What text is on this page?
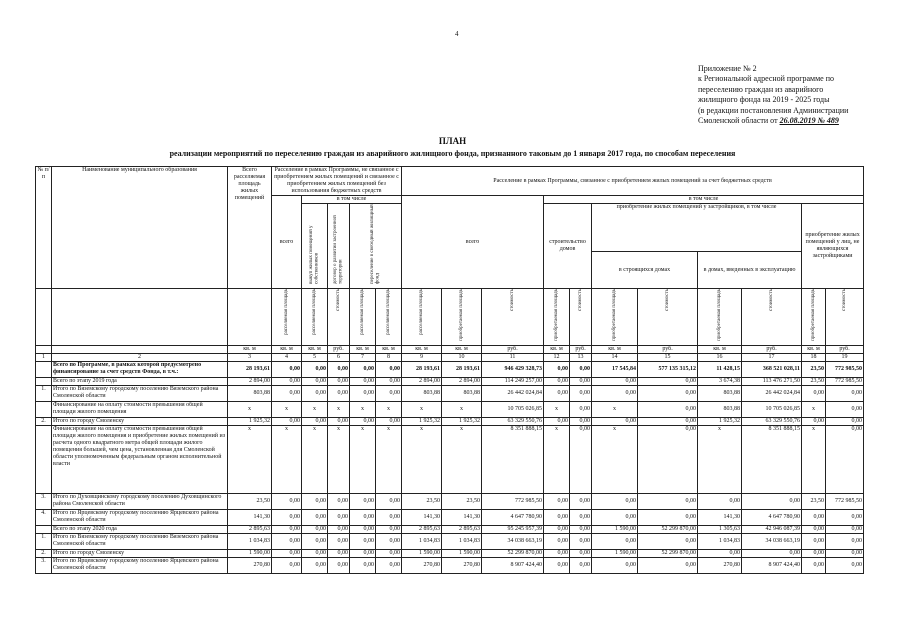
4
Приложение № 2
к Региональной адресной программе по
переселению граждан из аварийного
жилищного фонда на 2019 - 2025 годы
(в редакции постановления Администрации
Смоленской области от 26.08.2019 № 489
ПЛАН
реализации мероприятий по переселению граждан из аварийного жилищного фонда, признанного таковым до 1 января 2017 года, по способам переселения
№ п/п	Наименование муниципального образования	Всего расселяемая площадь жилых помещений	Расселение в рамках Программы, не связанное с приобретением жилых помещений и связанное с приобретением жилых помещений без использования бюджетных средств					Расселение в рамках Программы, связанное с приобретением жилых помещений за счет бюджетных средств										
			всего	в том числе				всего			в том числе							

				выкуп жилых помещений у собственников	договор о развитии застроенной территории	переселение в свободный жилищный фонд					строительство домов		приобретение жилых помещений у застройщиков, в том числе				приобретение жилых помещений у лиц, не являющихся застройщиками	
													в строящихся домах		в домах, введенных в эксплуатацию			

			расселяемая площадь	расселяемая площадь	стоимость	расселяемая площадь	расселяемая площадь	расселяемая площадь	приобретаемая площадь	стоимость	приобретаемая площадь	стоимость	приобретаемая площадь	стоимость	приобретаемая площадь	стоимость	приобретаемая площадь	стоимость

		кв. м	кв. м	кв. м	руб.	кв. м	кв. м	кв. м	кв. м	руб.	кв. м	руб.	кв. м	руб.	кв. м	руб.	кв. м	руб.
1	2	3	4	5	6	7	8	9	10	11	12	13	14	15	16	17	18	19
	Всего по Программе, в рамках которой предусмотрено финансирование за счет средств Фонда, в т.ч.:	28 193,61	0,00	0,00	0,00	0,00	0,00	28 193,61	28 193,61	946 429 328,73	0,00	0,00	17 545,84	577 135 315,12	11 428,15	368 521 028,11	23,50	772 985,50
	Всего по этапу 2019 года	2 894,00	0,00	0,00	0,00	0,00	0,00	2 894,00	2 894,00	114 249 257,00	0,00	0,00	0,00	0,00	3 674,38	113 476 271,50	23,50	772 985,50
1.	Итого по Вяземскому городскому поселению Вяземского района Смоленской области	803,88	0,00	0,00	0,00	0,00	0,00	803,88	803,88	26 442 024,84	0,00	0,00	0,00	0,00	803,88	26 442 024,84	0,00	0,00
	Финансирование на оплату стоимости превышения общей площади жилого помещения	x	x	x	x	x	x	x	x	10 705 026,85	x	0,00	x	0,00	803,88	10 705 026,85	x	0,00
2.	Итого по городу Смоленску	1 925,32	0,00	0,00	0,00	0,00	0,00	1 925,32	1 925,32	63 329 550,76	0,00	0,00	0,00	0,00	1 925,32	63 329 550,76	0,00	0,00
	Финансирование на оплату стоимости превышения общей площади жилого помещения и приобретение жилых помещений из расчета одного квадратного метра общей площади жилого помещения большей, чем цена, установленная для Смоленской области уполномоченным федеральным органом исполнительной власти	x	x	x	x	x	x	x	x	8 351 888,15	x	0,00	x	0,00	x	8 351 888,15	x	0,00
3.	Итого по Духовщинскому городскому поселению Духовщинского района Смоленской области	23,50	0,00	0,00	0,00	0,00	0,00	23,50	23,50	772 985,50	0,00	0,00	0,00	0,00	0,00	0,00	23,50	772 985,50
4.	Итого по Ярцевскому городскому поселению Ярцевского района Смоленской области	141,30	0,00	0,00	0,00	0,00	0,00	141,30	141,30	4 647 780,90	0,00	0,00	0,00	0,00	141,30	4 647 780,90	0,00	0,00
	Всего по этапу 2020 года	2 895,63	0,00	0,00	0,00	0,00	0,00	2 895,63	2 895,63	95 245 957,39	0,00	0,00	1 590,00	52 299 870,00	1 305,63	42 946 087,39	0,00	0,00
1.	Итого по Вяземскому городскому поселению Вяземского района Смоленской области	1 034,83	0,00	0,00	0,00	0,00	0,00	1 034,83	1 034,83	34 038 663,19	0,00	0,00	0,00	0,00	1 034,83	34 038 663,19	0,00	0,00
2.	Итого по городу Смоленску	1 590,00	0,00	0,00	0,00	0,00	0,00	1 590,00	1 590,00	52 299 870,00	0,00	0,00	1 590,00	52 299 870,00	0,00	0,00	0,00	0,00
3.	Итого по Ярцевскому городскому поселению Ярцевского района Смоленской области	270,80	0,00	0,00	0,00	0,00	0,00	270,80	270,80	8 907 424,40	0,00	0,00	0,00	0,00	270,80	8 907 424,40	0,00	0,00
